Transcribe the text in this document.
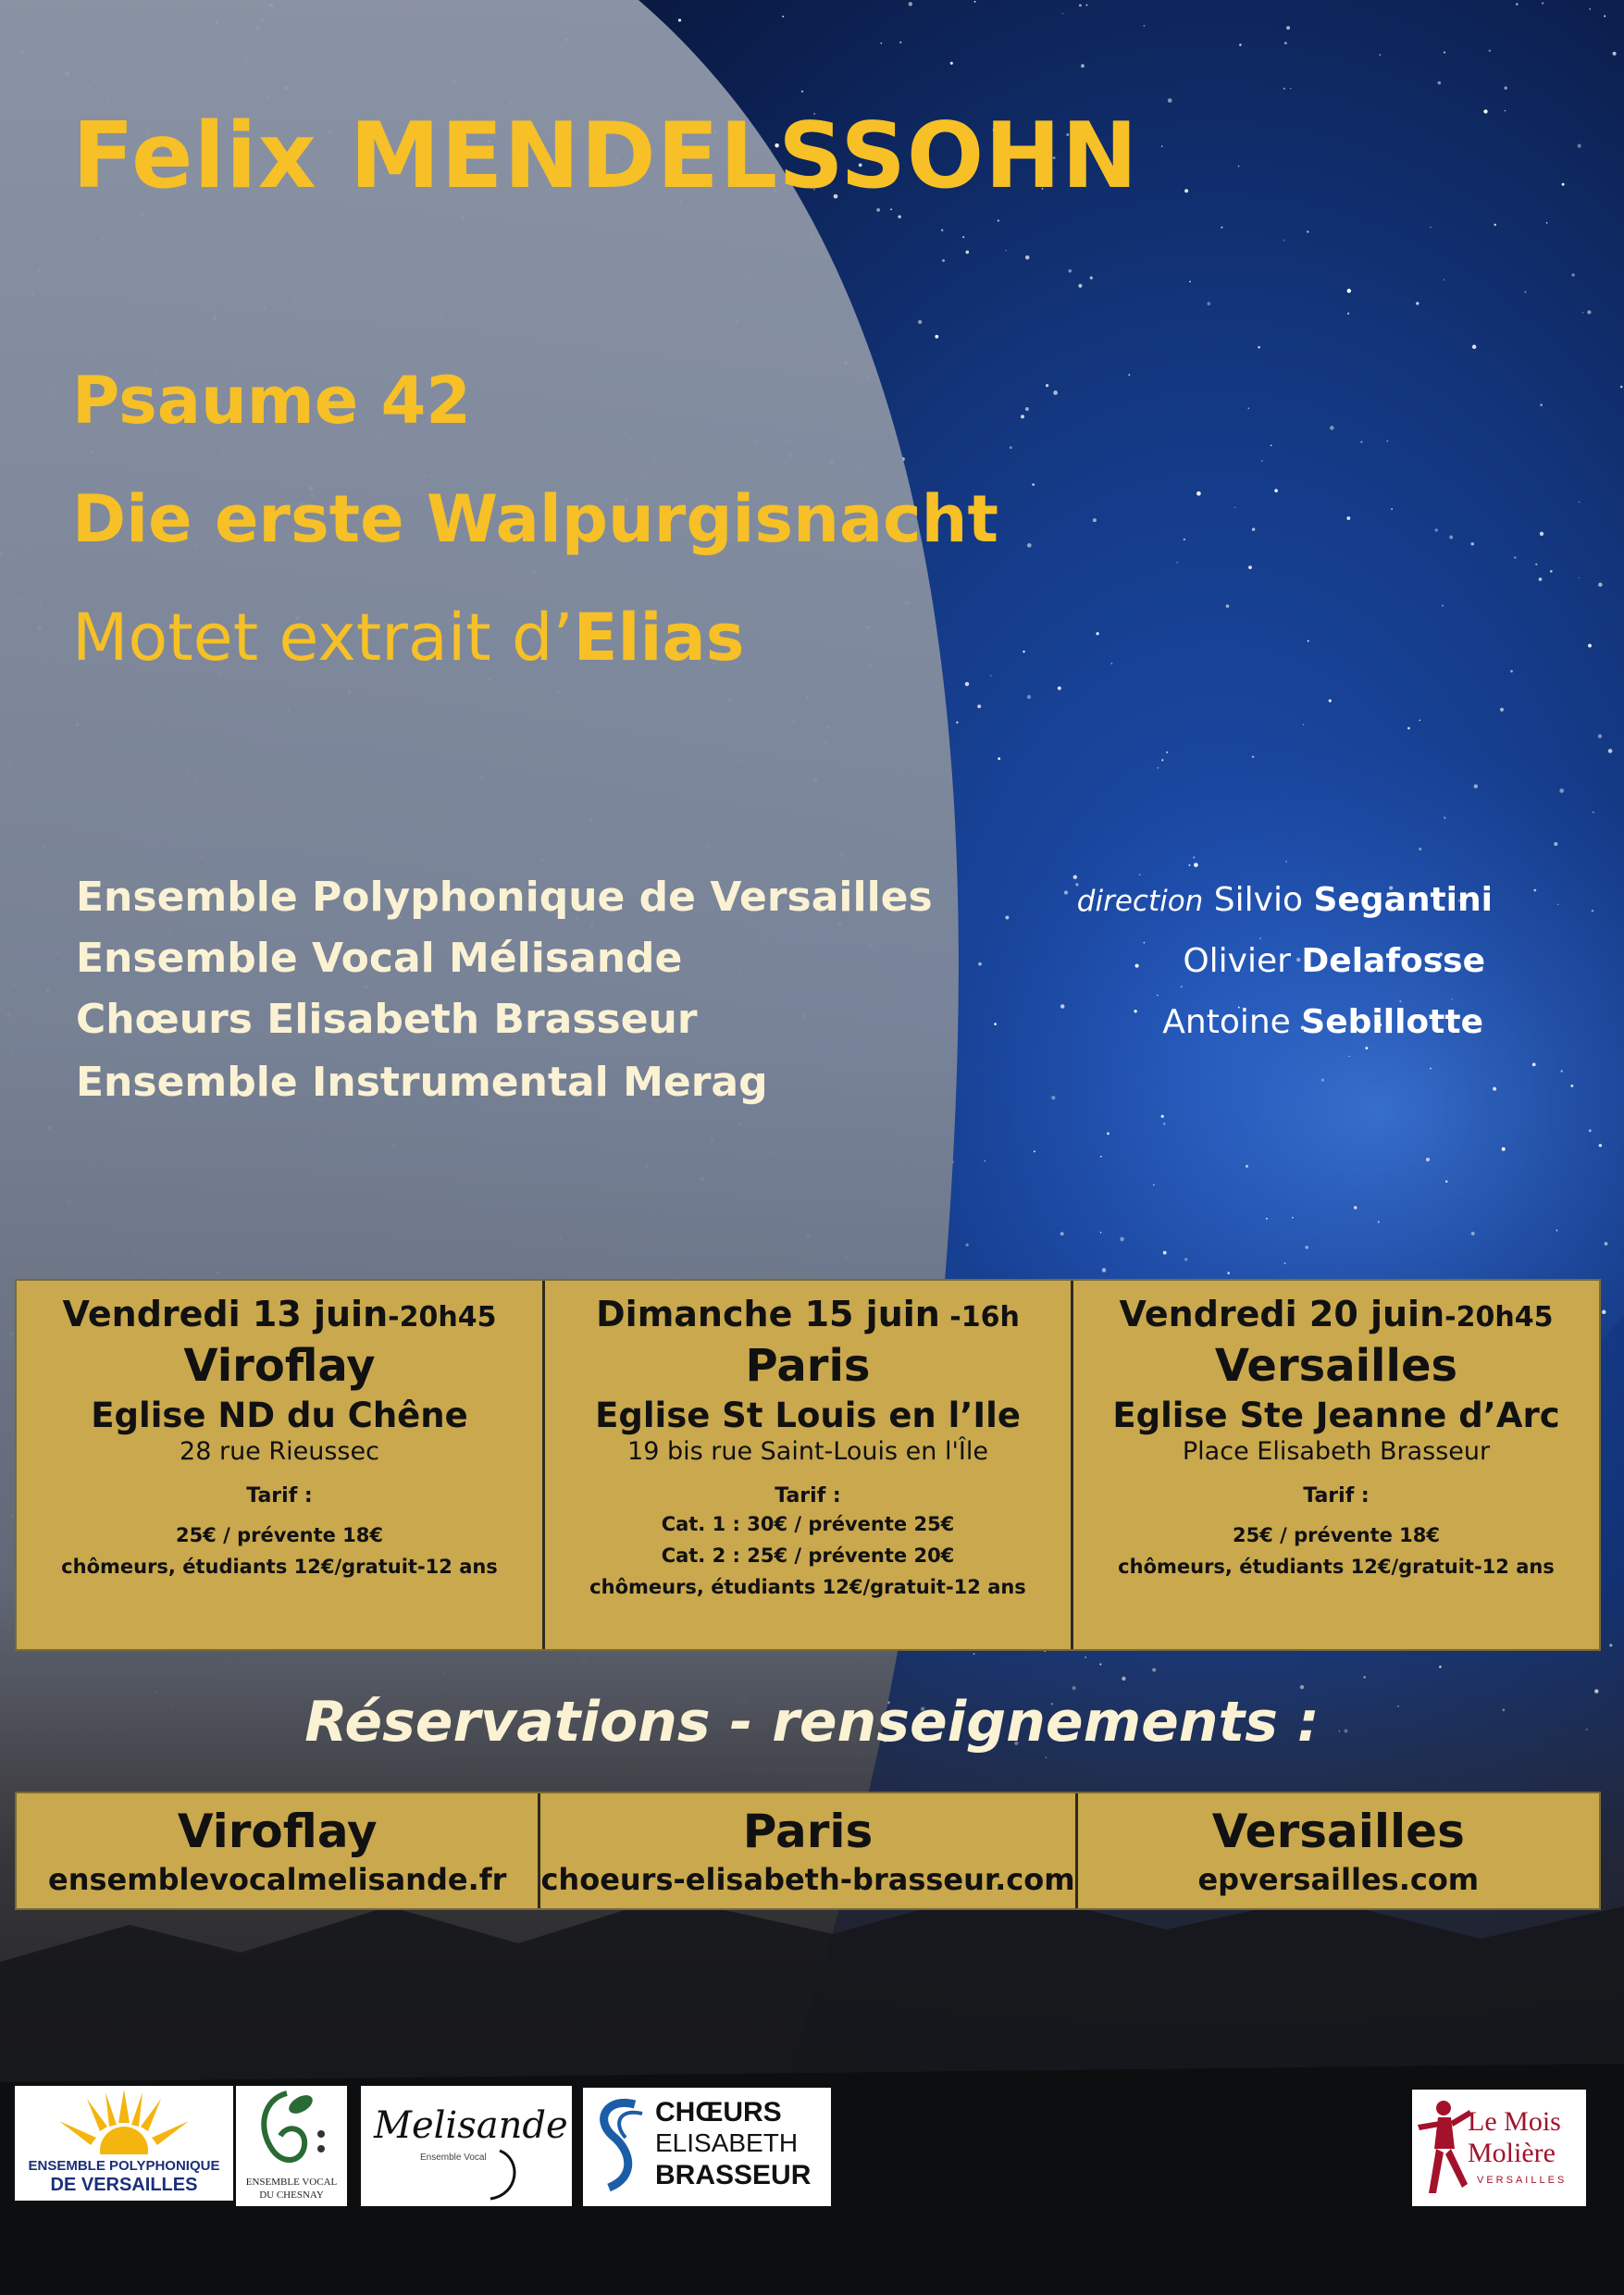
Felix MENDELSSOHN
Psaume 42
Die erste Walpurgisnacht
Motet extrait d’Elias
Ensemble Polyphonique de Versailles
Ensemble Vocal Mélisande
Chœurs Elisabeth Brasseur
Ensemble Instrumental Merag
direction Silvio Segantini
Olivier Delafosse
Antoine Sebillotte
Vendredi 13 juin-20h45
Viroflay
Eglise ND du Chêne
28 rue Rieussec
Tarif :
25€ / prévente 18€
chômeurs, étudiants 12€/gratuit-12 ans
Dimanche 15 juin -16h
Paris
Eglise St Louis en l’Ile
19 bis rue Saint-Louis en l'Île
Tarif :
Cat. 1 : 30€ / prévente 25€
Cat. 2 : 25€ / prévente 20€
chômeurs, étudiants 12€/gratuit-12 ans
Vendredi 20 juin-20h45
Versailles
Eglise Ste Jeanne d’Arc
Place Elisabeth Brasseur
Tarif :
25€ / prévente 18€
chômeurs, étudiants 12€/gratuit-12 ans
Réservations - renseignements :
Viroflay
ensemblevocalmelisande.fr
Paris
choeurs-elisabeth-brasseur.com
Versailles
epversailles.com
ENSEMBLE POLYPHONIQUE
DE VERSAILLES	ENSEMBLE VOCAL
DU CHESNAY
Melisande
Ensemble Vocal
CHŒURS
ELISABETH
BRASSEUR
Le Mois
Molière
VERSAILLES
